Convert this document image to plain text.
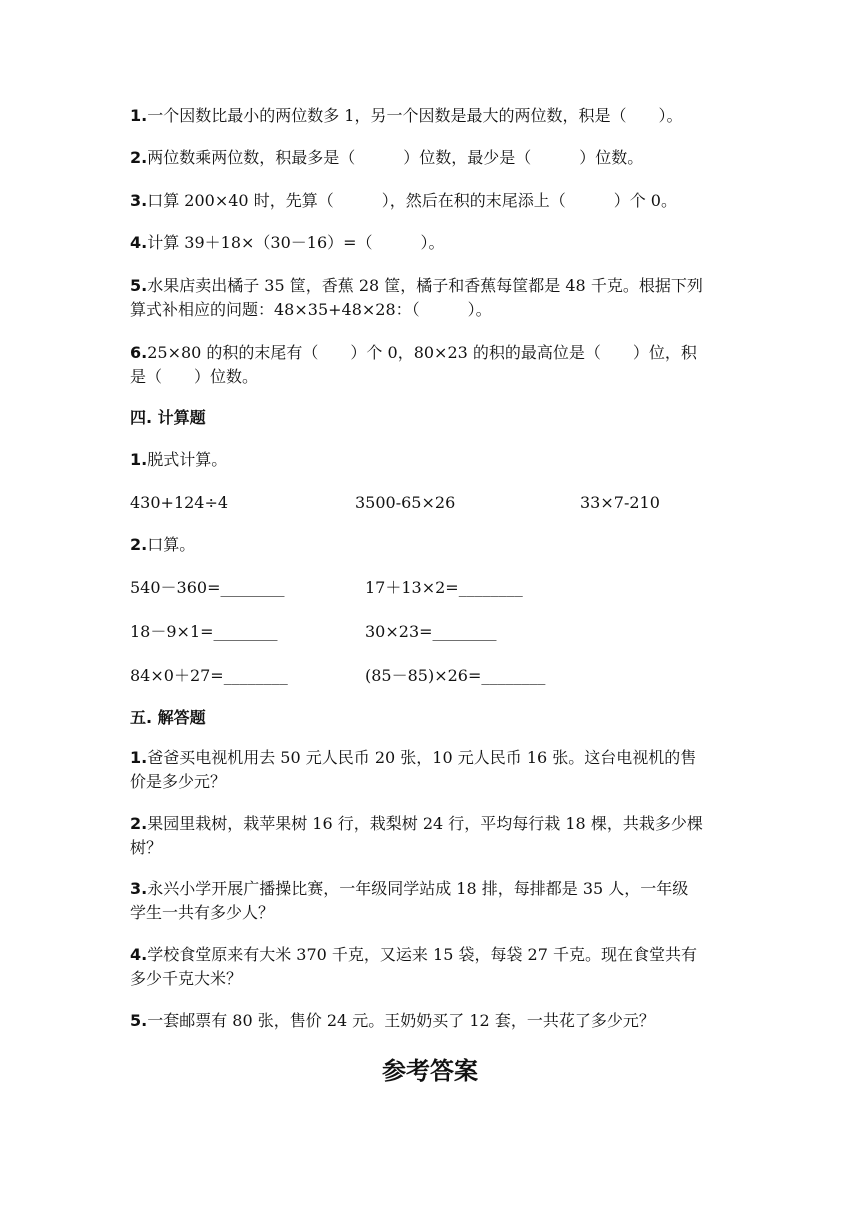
1.一个因数比最小的两位数多 1，另一个因数是最大的两位数，积是（　　）。
2.两位数乘两位数，积最多是（　　　）位数，最少是（　　　）位数。
3.口算 200×40 时，先算（　　　），然后在积的末尾添上（　　　）个 0。
4.计算 39＋18×（30－16）=（　　　）。
5.水果店卖出橘子 35 筐，香蕉 28 筐，橘子和香蕉每筐都是 48 千克。根据下列
算式补相应的问题：48×35+48×28：（　　　）。
6.25×80 的积的末尾有（　　）个 0，80×23 的积的最高位是（　　）位，积
是（　　）位数。
四. 计算题
1.脱式计算。
430+124÷4	3500-65×26	33×7-210
2.口算。
540－360=________	17＋13×2=________
18－9×1=________	30×23=________
84×0＋27=________	(85－85)×26=________
五. 解答题
1.爸爸买电视机用去 50 元人民币 20 张，10 元人民币 16 张。这台电视机的售
价是多少元？
2.果园里栽树，栽苹果树 16 行，栽梨树 24 行，平均每行栽 18 棵，共栽多少棵
树？
3.永兴小学开展广播操比赛，一年级同学站成 18 排，每排都是 35 人，一年级
学生一共有多少人？
4.学校食堂原来有大米 370 千克，又运来 15 袋，每袋 27 千克。现在食堂共有
多少千克大米？
5.一套邮票有 80 张，售价 24 元。王奶奶买了 12 套，一共花了多少元？
参考答案
